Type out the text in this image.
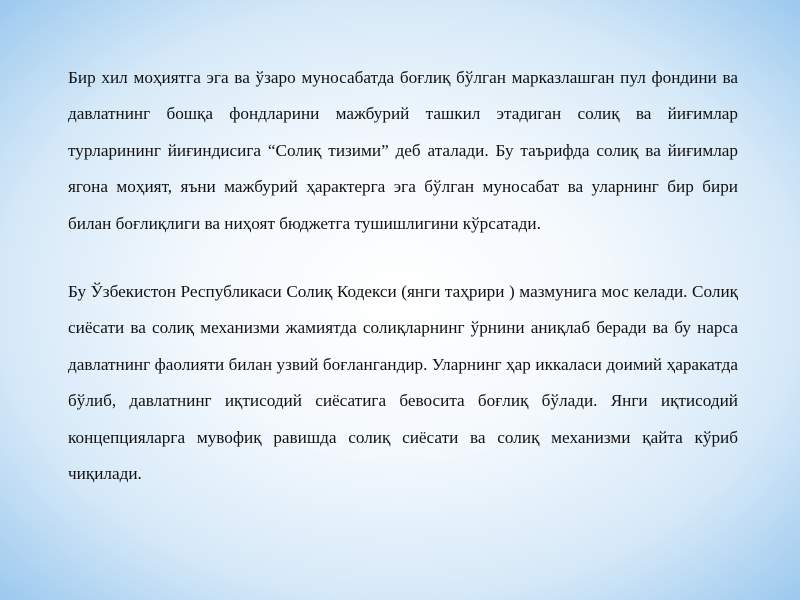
Бир хил моҳиятга эга ва ўзаро муносабатда боғлиқ бўлган марказлашган пул фондини ва давлатнинг бошқа фондларини мажбурий ташкил этадиган солиқ ва йиғимлар турларининг йиғиндисига “Солиқ тизими” деб аталади. Бу таърифда солиқ ва йиғимлар ягона моҳият, яъни мажбурий ҳарактерга эга бўлган муносабат ва уларнинг бир бири билан боғлиқлиги ва ниҳоят бюджетга тушишлигини кўрсатади.

Бу Ўзбекистон Республикаси Солиқ Кодекси (янги таҳрири ) мазмунига мос келади. Солиқ сиёсати ва солиқ механизми жамиятда солиқларнинг ўрнини аниқлаб беради ва бу нарса давлатнинг фаолияти билан узвий боғлангандир. Уларнинг ҳар иккаласи доимий ҳаракатда бўлиб, давлатнинг иқтисодий сиёсатига бевосита боғлиқ бўлади. Янги иқтисодий концепцияларга мувофиқ равишда солиқ сиёсати ва солиқ механизми қайта кўриб чиқилади.
